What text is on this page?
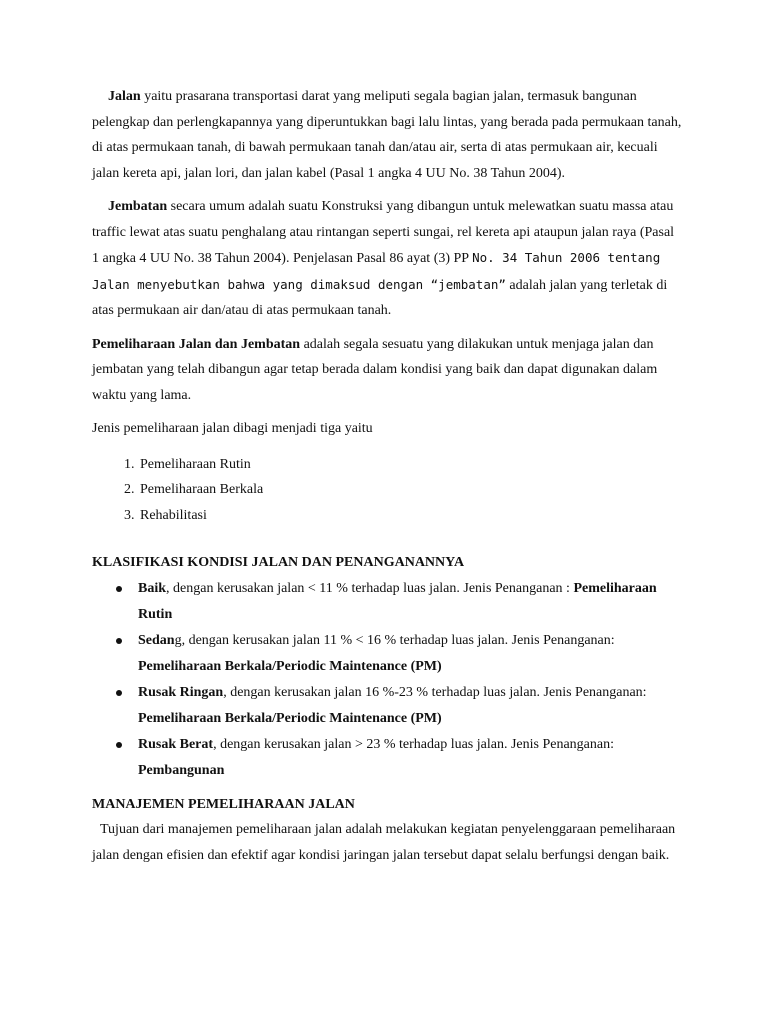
Jalan yaitu prasarana transportasi darat yang meliputi segala bagian jalan, termasuk bangunan pelengkap dan perlengkapannya yang diperuntukkan bagi lalu lintas, yang berada pada permukaan tanah, di atas permukaan tanah, di bawah permukaan tanah dan/atau air, serta di atas permukaan air, kecuali jalan kereta api, jalan lori, dan jalan kabel (Pasal 1 angka 4 UU No. 38 Tahun 2004).

Jembatan secara umum adalah suatu Konstruksi yang dibangun untuk melewatkan suatu massa atau traffic lewat atas suatu penghalang atau rintangan seperti sungai, rel kereta api ataupun jalan raya (Pasal 1 angka 4 UU No. 38 Tahun 2004). Penjelasan Pasal 86 ayat (3) PP No. 34 Tahun 2006 tentang Jalan menyebutkan bahwa yang dimaksud dengan “jembatan” adalah jalan yang terletak di atas permukaan air dan/atau di atas permukaan tanah.

Pemeliharaan Jalan dan Jembatan adalah segala sesuatu yang dilakukan untuk menjaga jalan dan jembatan yang telah dibangun agar tetap berada dalam kondisi yang baik dan dapat digunakan dalam waktu yang lama.

Jenis pemeliharaan jalan dibagi menjadi tiga yaitu

1. Pemeliharaan Rutin
2. Pemeliharaan Berkala
3. Rehabilitasi

KLASIFIKASI KONDISI JALAN DAN PENANGANANNYA

Baik, dengan kerusakan jalan < 11 % terhadap luas jalan. Jenis Penanganan : Pemeliharaan Rutin
Sedang, dengan kerusakan jalan 11 % < 16 % terhadap luas jalan. Jenis Penanganan: Pemeliharaan Berkala/Periodic Maintenance (PM)
Rusak Ringan, dengan kerusakan jalan 16 %-23 % terhadap luas jalan. Jenis Penanganan: Pemeliharaan Berkala/Periodic Maintenance (PM)
Rusak Berat, dengan kerusakan jalan > 23 % terhadap luas jalan. Jenis Penanganan: Pembangunan

MANAJEMEN PEMELIHARAAN JALAN

Tujuan dari manajemen pemeliharaan jalan adalah melakukan kegiatan penyelenggaraan pemeliharaan jalan dengan efisien dan efektif agar kondisi jaringan jalan tersebut dapat selalu berfungsi dengan baik.
